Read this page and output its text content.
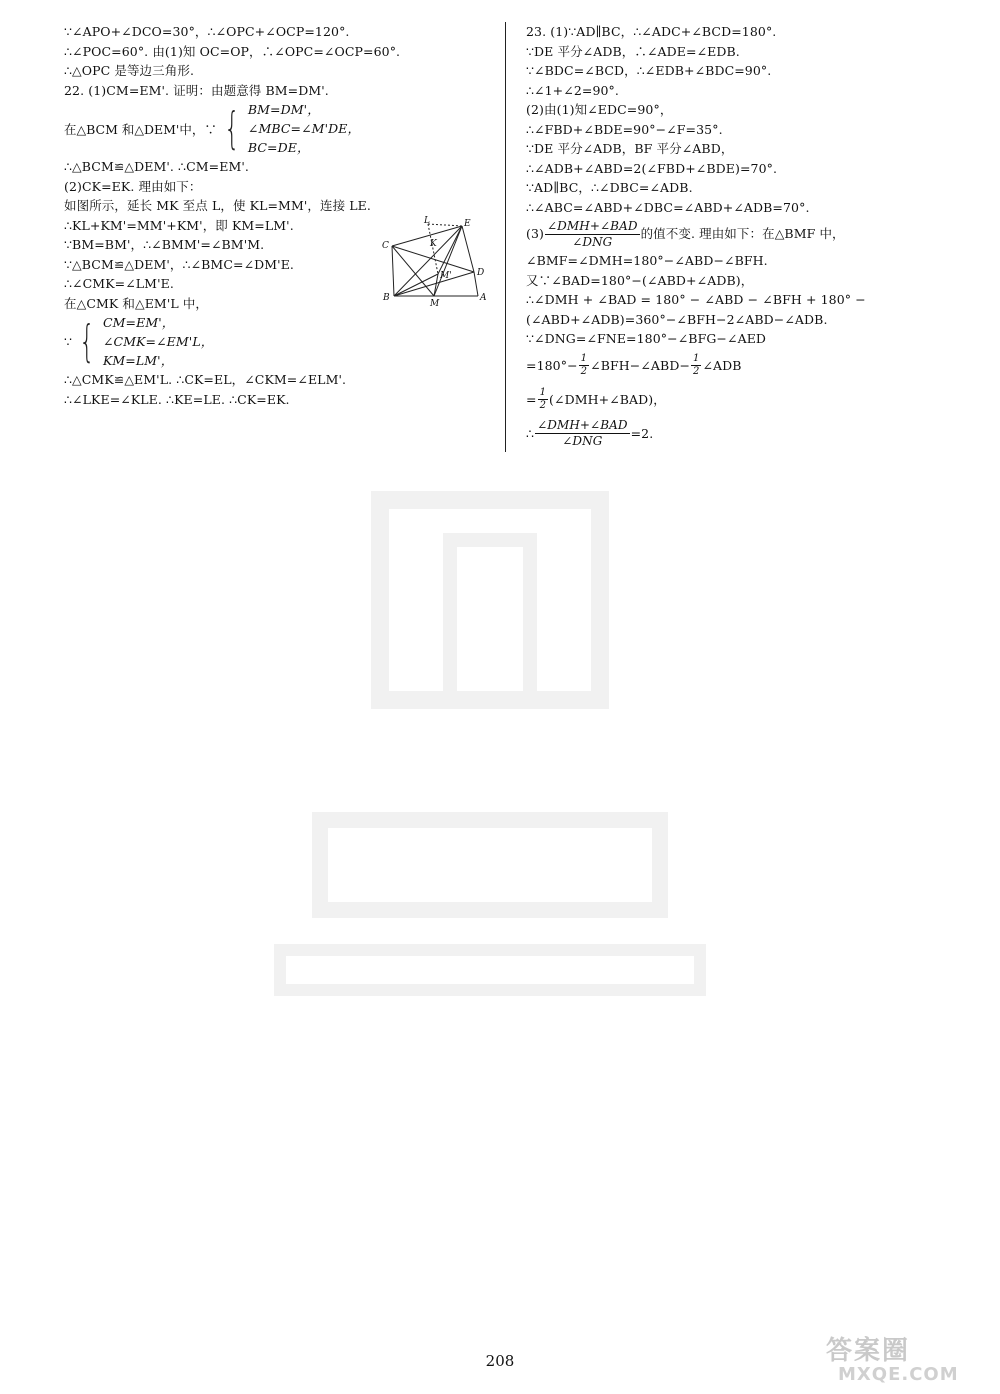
∵∠APO+∠DCO=30°，∴∠OPC+∠OCP=120°.
∴∠POC=60°. 由(1)知 OC=OP，∴∠OPC=∠OCP=60°.
∴△OPC 是等边三角形.
22. (1)CM=EM'. 证明：由题意得 BM=DM'.
在△BCM 和△DEM'中，∵ { BM=DM'，
∠MBC=∠M'DE，
BC=DE，
∴△BCM≌△DEM'. ∴CM=EM'.
(2)CK=EK. 理由如下：
如图所示，延长 MK 至点 L，使 KL=MM'，连接 LE.
∴KL+KM'=MM'+KM'，即 KM=LM'.
∵BM=BM'，∴∠BMM'=∠BM'M.
∵△BCM≌△DEM'，∴∠BMC=∠DM'E.
∴∠CMK=∠LM'E.
在△CMK 和△EM'L 中，
∵ { CM=EM'，
∠CMK=∠EM'L，
KM=LM'，
∴△CMK≌△EM'L. ∴CK=EL，∠CKM=∠ELM'.
∴∠LKE=∠KLE. ∴KE=LE. ∴CK=EK.
L	E
K
C
D
M'
B
M
A
23. (1)∵AD∥BC，∴∠ADC+∠BCD=180°.
∵DE 平分∠ADB，∴∠ADE=∠EDB.
∵∠BDC=∠BCD，∴∠EDB+∠BDC=90°.
∴∠1+∠2=90°.
(2)由(1)知∠EDC=90°，
∴∠FBD+∠BDE=90°−∠F=35°.
∵DE 平分∠ADB，BF 平分∠ABD，
∴∠ADB+∠ABD=2(∠FBD+∠BDE)=70°.
∵AD∥BC，∴∠DBC=∠ADB.
∴∠ABC=∠ABD+∠DBC=∠ABD+∠ADB=70°.
$(3) \frac{\text{∠DMH+∠BAD}}{\text{∠DNG}}$ 的值不变. 理由如下：在△BMF 中，
∠BMF=∠DMH=180°−∠ABD−∠BFH.
又∵∠BAD=180°−(∠ABD+∠ADB)，
∴∠DMH + ∠BAD = 180° − ∠ABD − ∠BFH + 180° −
(∠ABD+∠ADB)=360°−∠BFH−2∠ABD−∠ADB.
∵∠DNG=∠FNE=180°−∠BFG−∠AED
$=180^\circ- \frac{1}{2}$ ∠BFH−∠ABD− $\frac{1}{2}$ ∠ADB
= $\frac{1}{2}$ (∠DMH+∠BAD)，
∴ $\frac{\text{∠DMH+∠BAD}}{\text{∠DNG}} =2$.
208	答案圈
MXQE.COM
